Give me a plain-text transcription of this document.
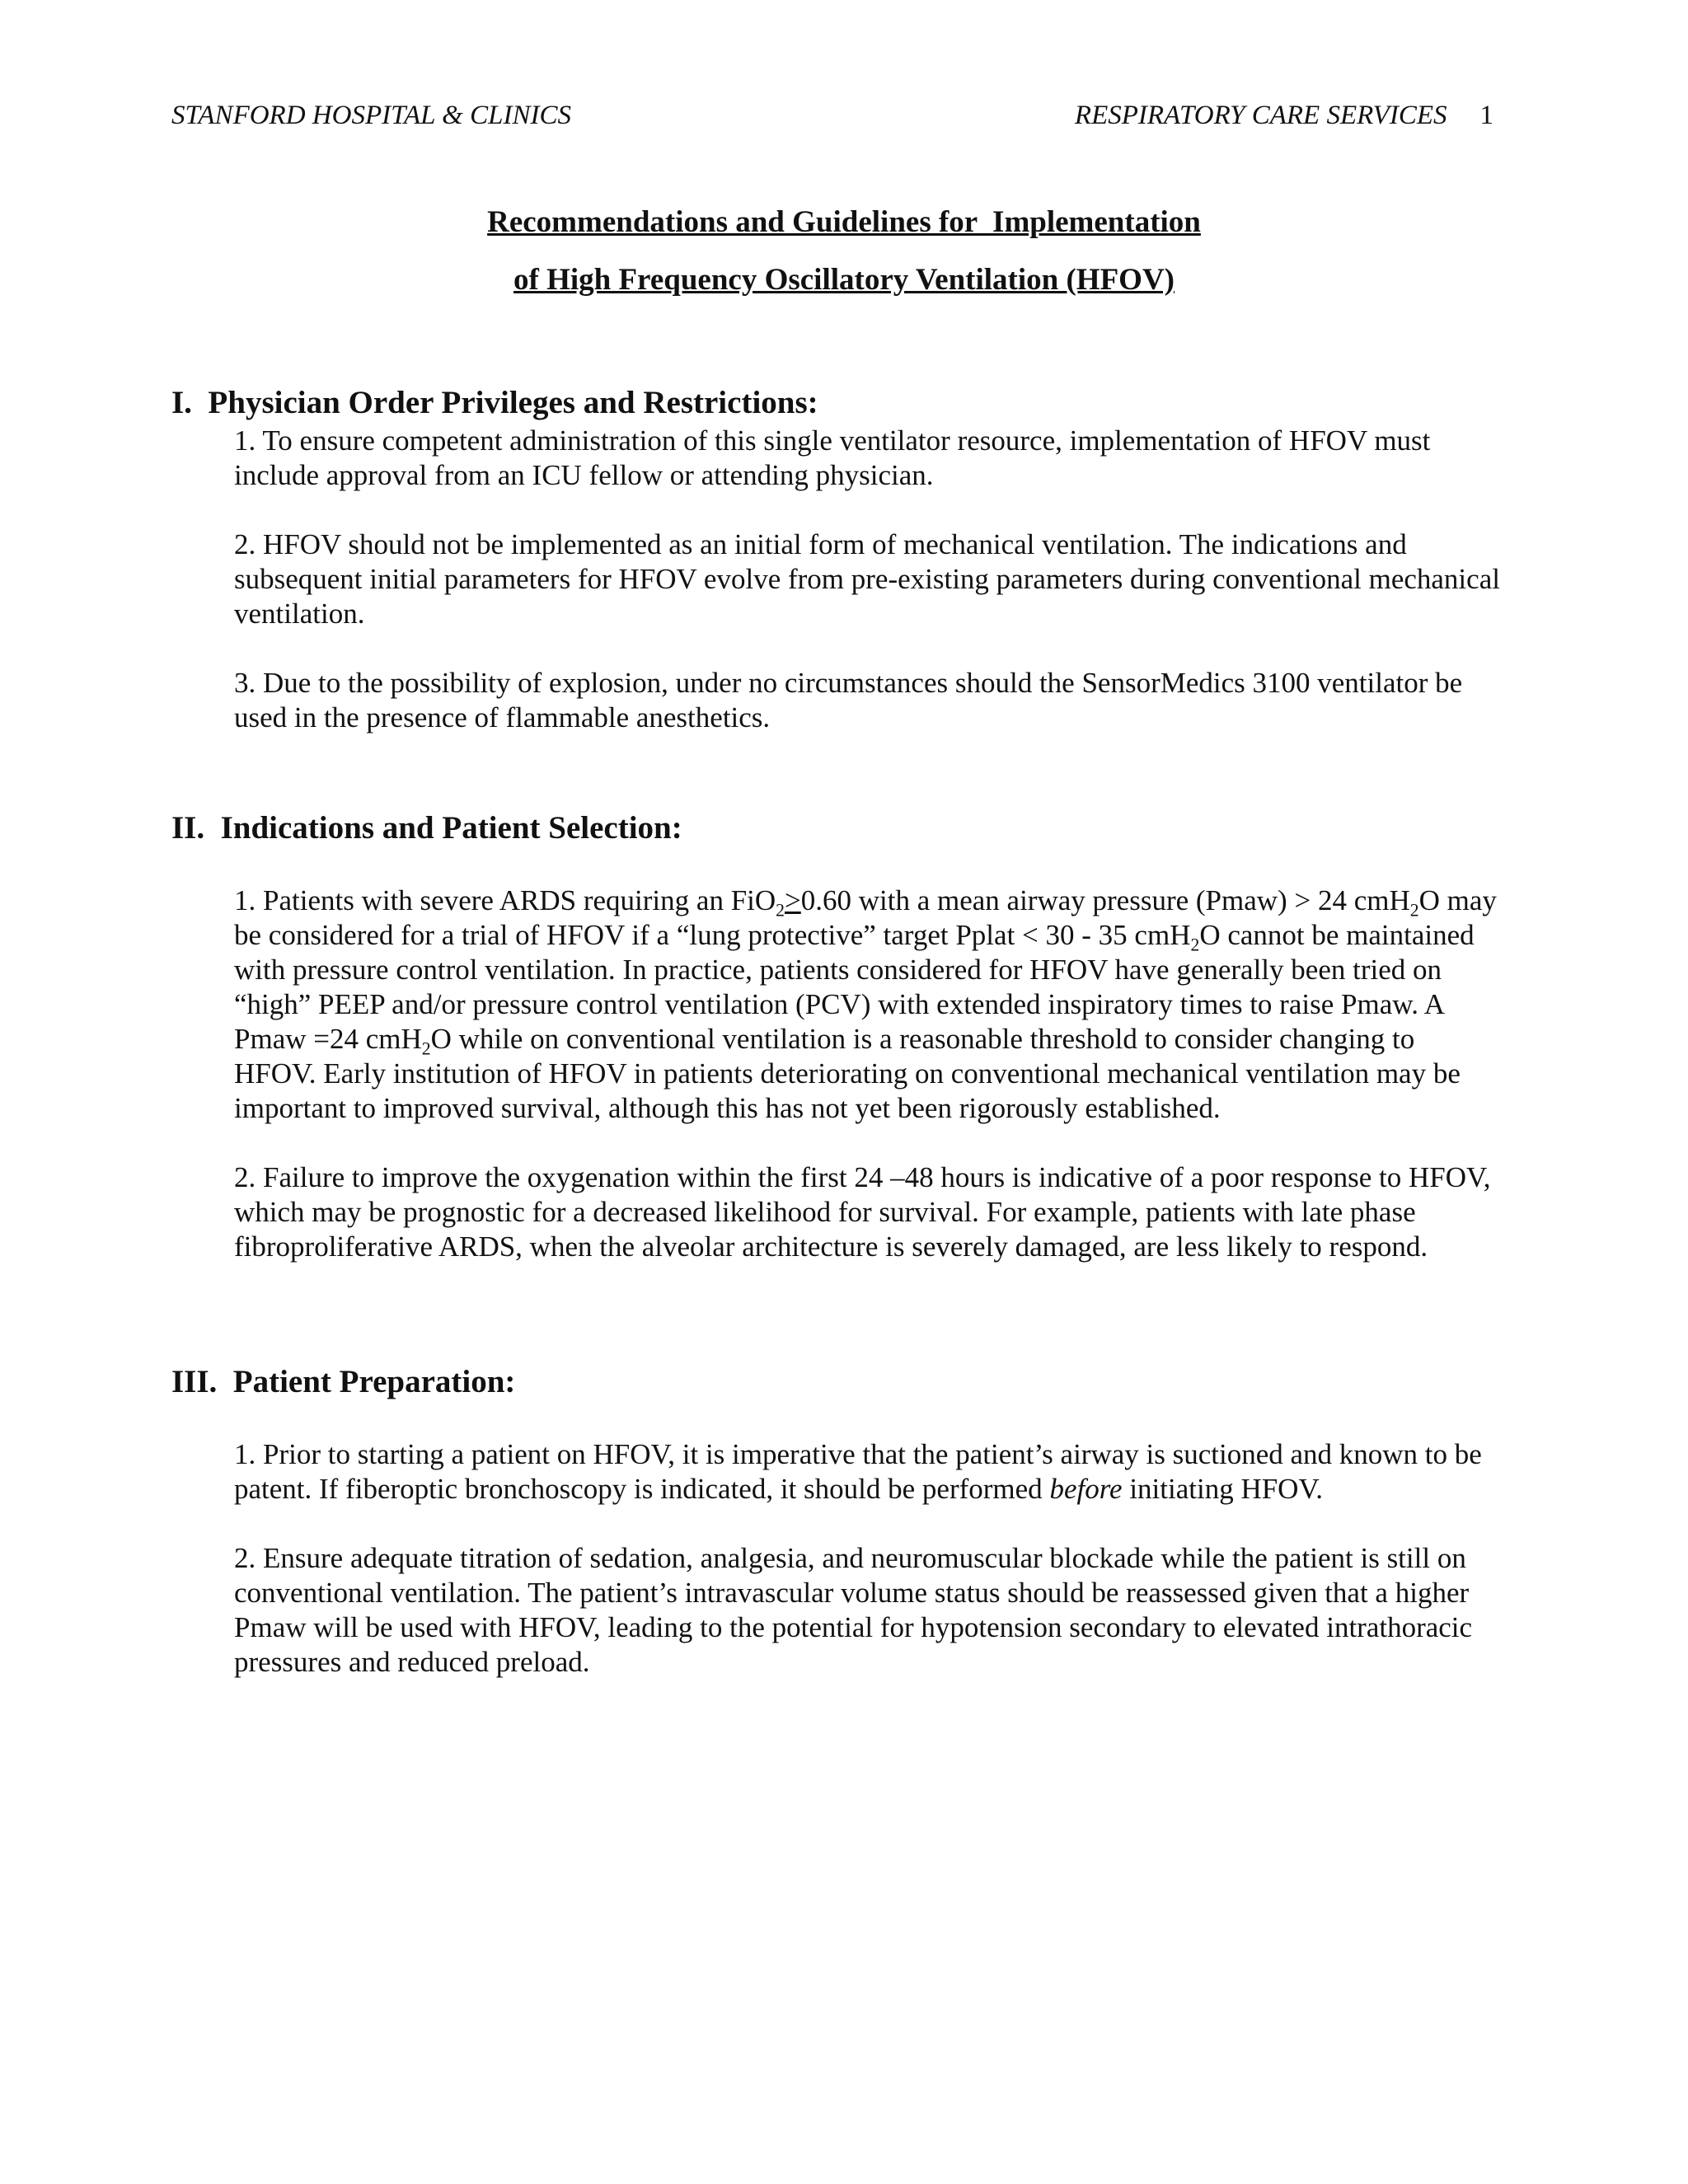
STANFORD HOSPITAL & CLINICS	RESPIRATORY CARE SERVICES 1
Recommendations and Guidelines for  Implementation
of High Frequency Oscillatory Ventilation (HFOV)

I.  Physician Order Privileges and Restrictions:

1. To ensure competent administration of this single ventilator resource, implementation of HFOV must include approval from an ICU fellow or attending physician.

2. HFOV should not be implemented as an initial form of mechanical ventilation. The indications and subsequent initial parameters for HFOV evolve from pre-existing parameters during conventional mechanical ventilation.

3. Due to the possibility of explosion, under no circumstances should the SensorMedics 3100 ventilator be used in the presence of flammable anesthetics.

II.  Indications and Patient Selection:

1. Patients with severe ARDS requiring an FiO$_2$≥0.60 with a mean airway pressure (Pmaw) > 24 cmH$_2$O may be considered for a trial of HFOV if a “lung protective” target Pplat < 30 - 35 cmH$_2$O cannot be maintained with pressure control ventilation. In practice, patients considered for HFOV have generally been tried on “high” PEEP and/or pressure control ventilation (PCV) with extended inspiratory times to raise Pmaw. A Pmaw =24 cmH$_2$O while on conventional ventilation is a reasonable threshold to consider changing to HFOV. Early institution of HFOV in patients deteriorating on conventional mechanical ventilation may be important to improved survival, although this has not yet been rigorously established.

2. Failure to improve the oxygenation within the first 24 –48 hours is indicative of a poor response to HFOV, which may be prognostic for a decreased likelihood for survival. For example, patients with late phase fibroproliferative ARDS, when the alveolar architecture is severely damaged, are less likely to respond.

III.  Patient Preparation:

1. Prior to starting a patient on HFOV, it is imperative that the patient’s airway is suctioned and known to be patent. If fiberoptic bronchoscopy is indicated, it should be performed before initiating HFOV.

2. Ensure adequate titration of sedation, analgesia, and neuromuscular blockade while the patient is still on conventional ventilation. The patient’s intravascular volume status should be reassessed given that a higher Pmaw will be used with HFOV, leading to the potential for hypotension secondary to elevated intrathoracic pressures and reduced preload.
